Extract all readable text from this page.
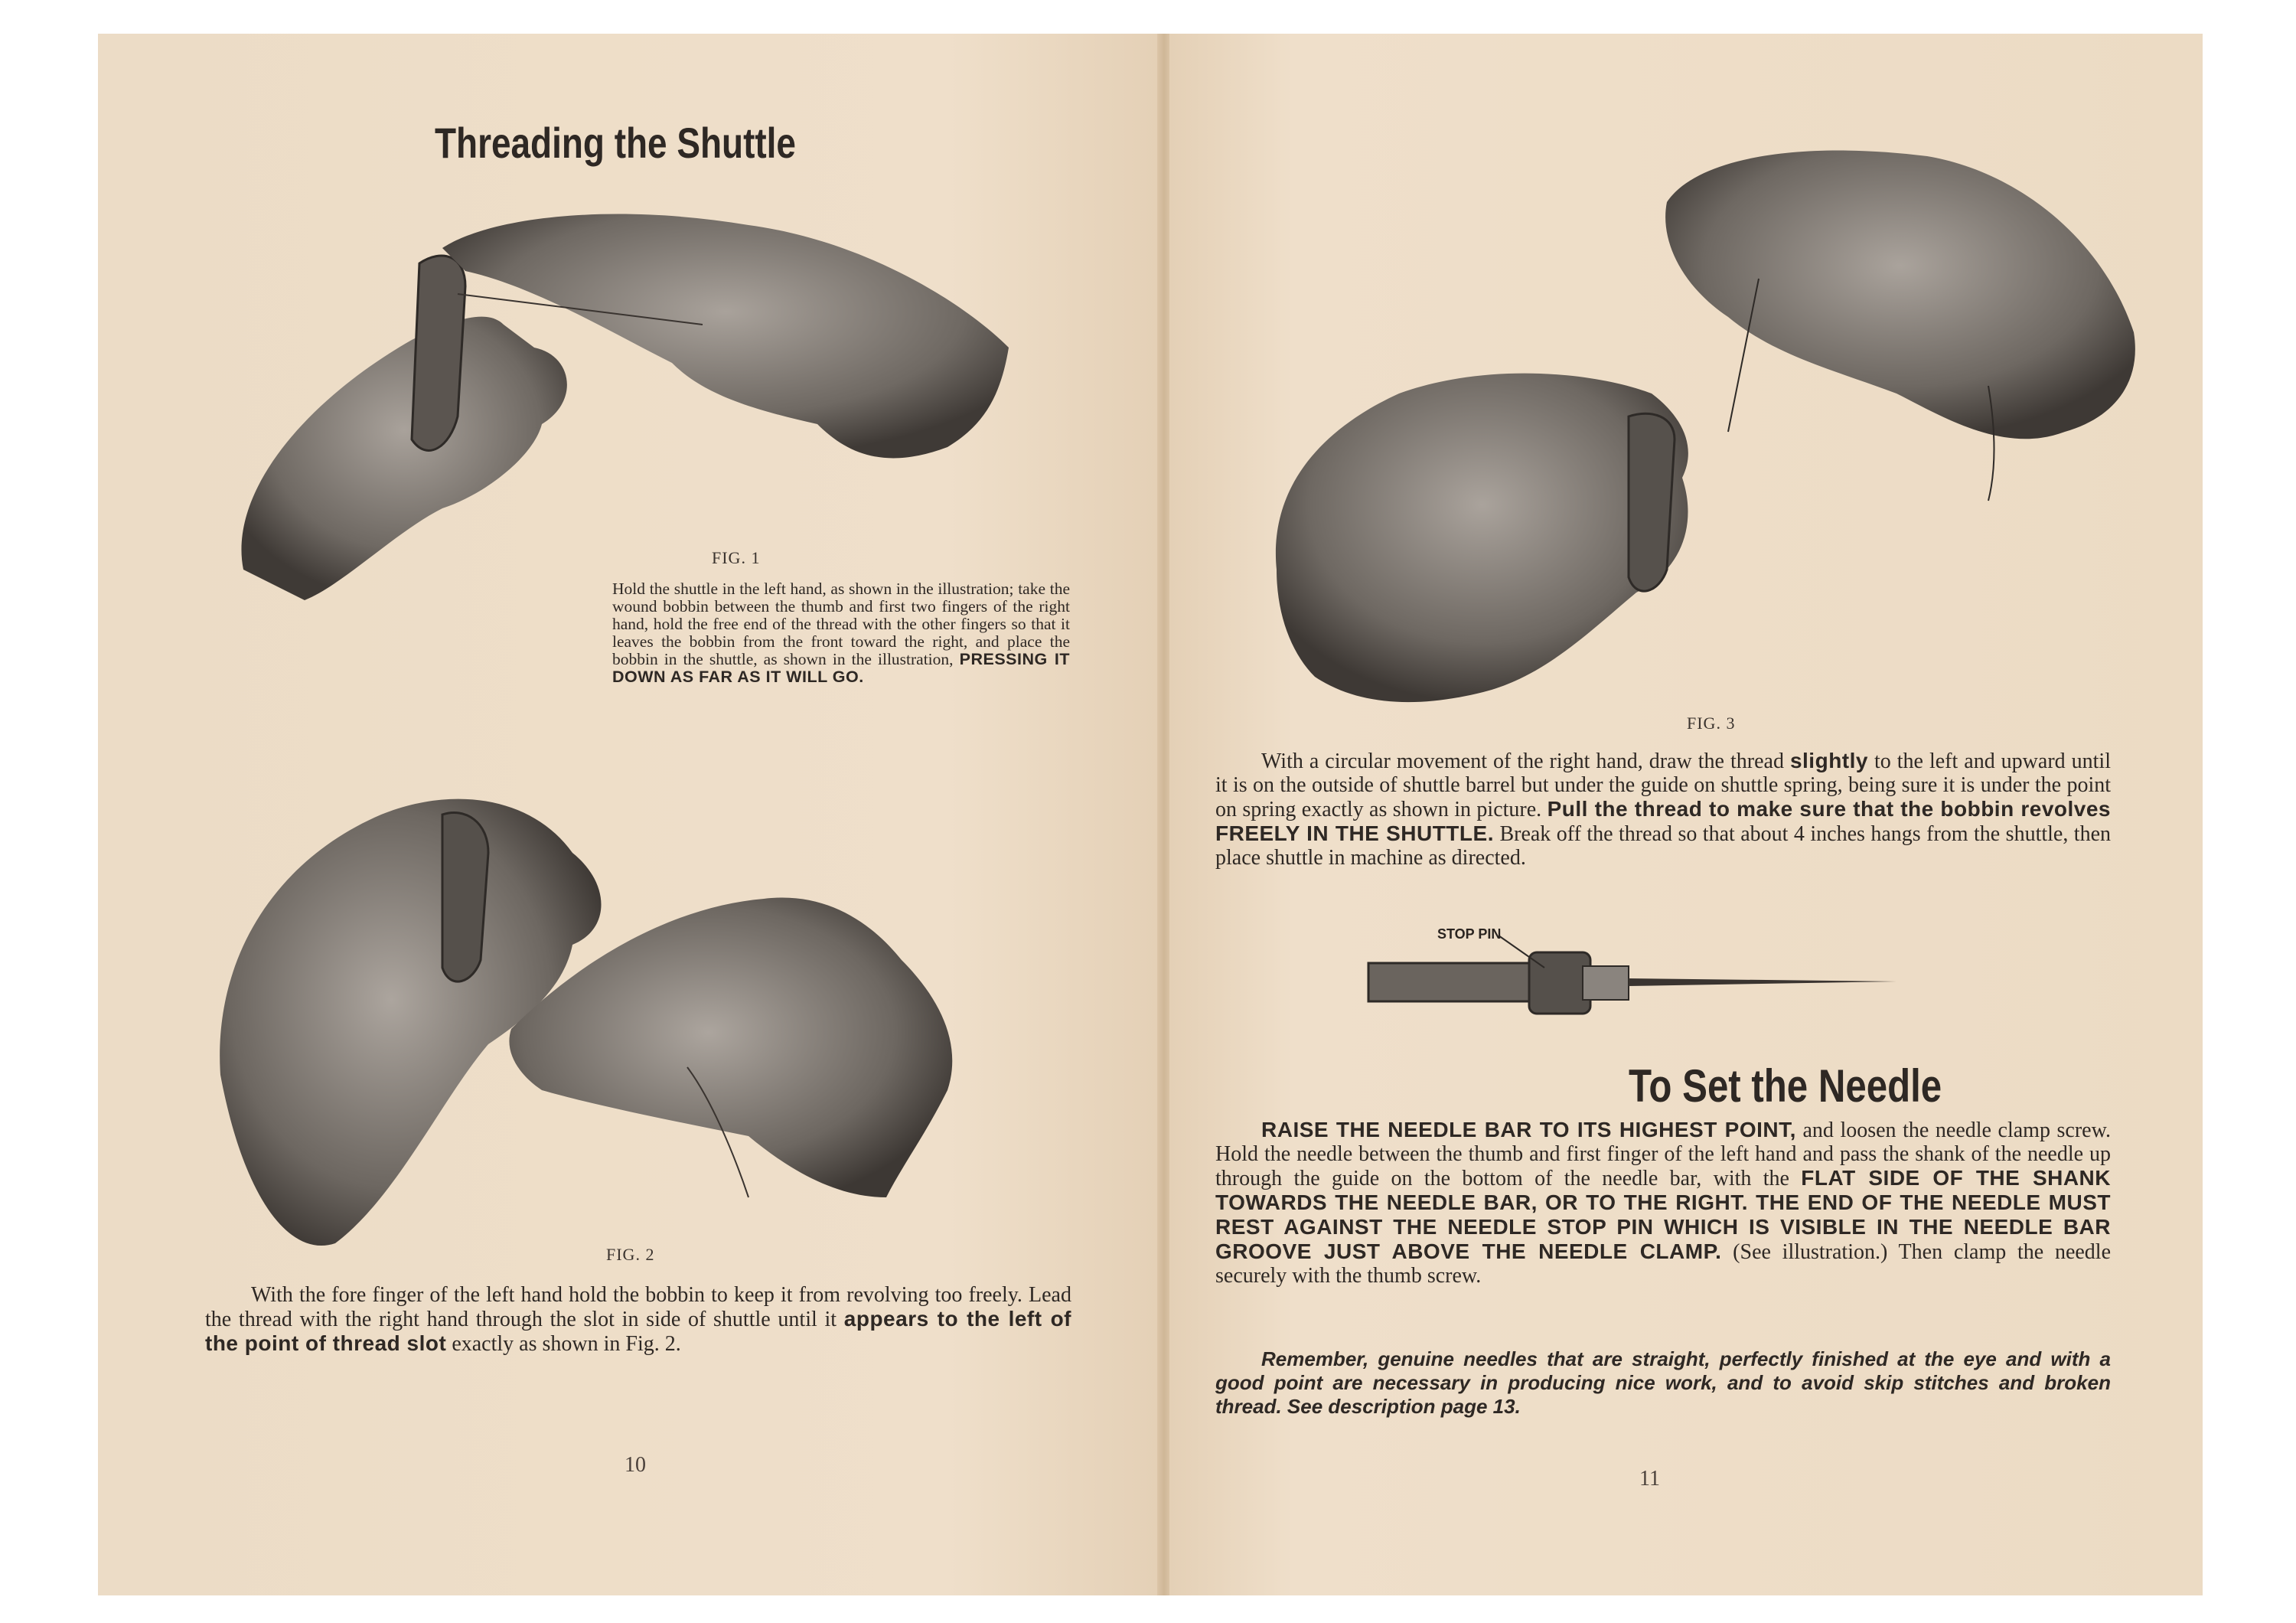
Threading the Shuttle
FIG. 1
Hold the shuttle in the left hand, as shown in the illustration; take the wound bobbin between the thumb and first two fingers of the right hand, hold the free end of the thread with the other fingers so that it leaves the bobbin from the front toward the right, and place the bobbin in the shuttle, as shown in the illustration, PRESSING IT DOWN AS FAR AS IT WILL GO.
FIG. 2
With the fore finger of the left hand hold the bobbin to keep it from revolving too freely. Lead the thread with the right hand through the slot in side of shuttle until it appears to the left of the point of thread slot exactly as shown in Fig. 2.
10
FIG. 3
With a circular movement of the right hand, draw the thread slightly to the left and upward until it is on the outside of shuttle barrel but under the guide on shuttle spring, being sure it is under the point on spring exactly as shown in picture. Pull the thread to make sure that the bobbin revolves FREELY IN THE SHUTTLE. Break off the thread so that about 4 inches hangs from the shuttle, then place shuttle in machine as directed.
STOP PIN
To Set the Needle
RAISE THE NEEDLE BAR TO ITS HIGHEST POINT, and loosen the needle clamp screw. Hold the needle between the thumb and first finger of the left hand and pass the shank of the needle up through the guide on the bottom of the needle bar, with the FLAT SIDE OF THE SHANK TOWARDS THE NEEDLE BAR, OR TO THE RIGHT. THE END OF THE NEEDLE MUST REST AGAINST THE NEEDLE STOP PIN WHICH IS VISIBLE IN THE NEEDLE BAR GROOVE JUST ABOVE THE NEEDLE CLAMP. (See illustration.) Then clamp the needle securely with the thumb screw.
Remember, genuine needles that are straight, perfectly finished at the eye and with a good point are necessary in producing nice work, and to avoid skip stitches and broken thread. See description page 13.
11
